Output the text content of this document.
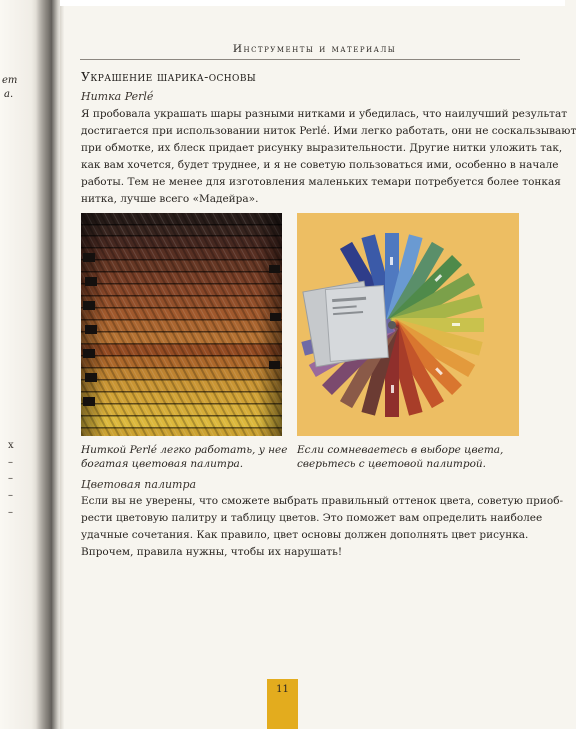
ет
а.
х
–
–
–
–
Инструменты и материалы
Украшение шарика-основы
Нитка Perlé
Я пробовала украшать шары разными нитками и убедилась, что наилучший результат
достигается при использовании ниток Perlé. Ими легко работать, они не соскальзывают
при обмотке, их блеск придает рисунку выразительности. Другие нитки уложить так,
как вам хочется, будет труднее, и я не советую пользоваться ими, особенно в начале
работы. Тем не менее для изготовления маленьких темари потребуется более тонкая
нитка, лучше всего «Мадейра».
Ниткой Perlé легко работать, у нее
богатая цветовая палитра.
Если сомневаетесь в выборе цвета,
сверьтесь с цветовой палитрой.
Цветовая палитра
Если вы не уверены, что сможете выбрать правильный оттенок цвета, советую приоб-
рести цветовую палитру и таблицу цветов. Это поможет вам определить наиболее
удачные сочетания. Как правило, цвет основы должен дополнять цвет рисунка.
Впрочем, правила нужны, чтобы их нарушать!
11
